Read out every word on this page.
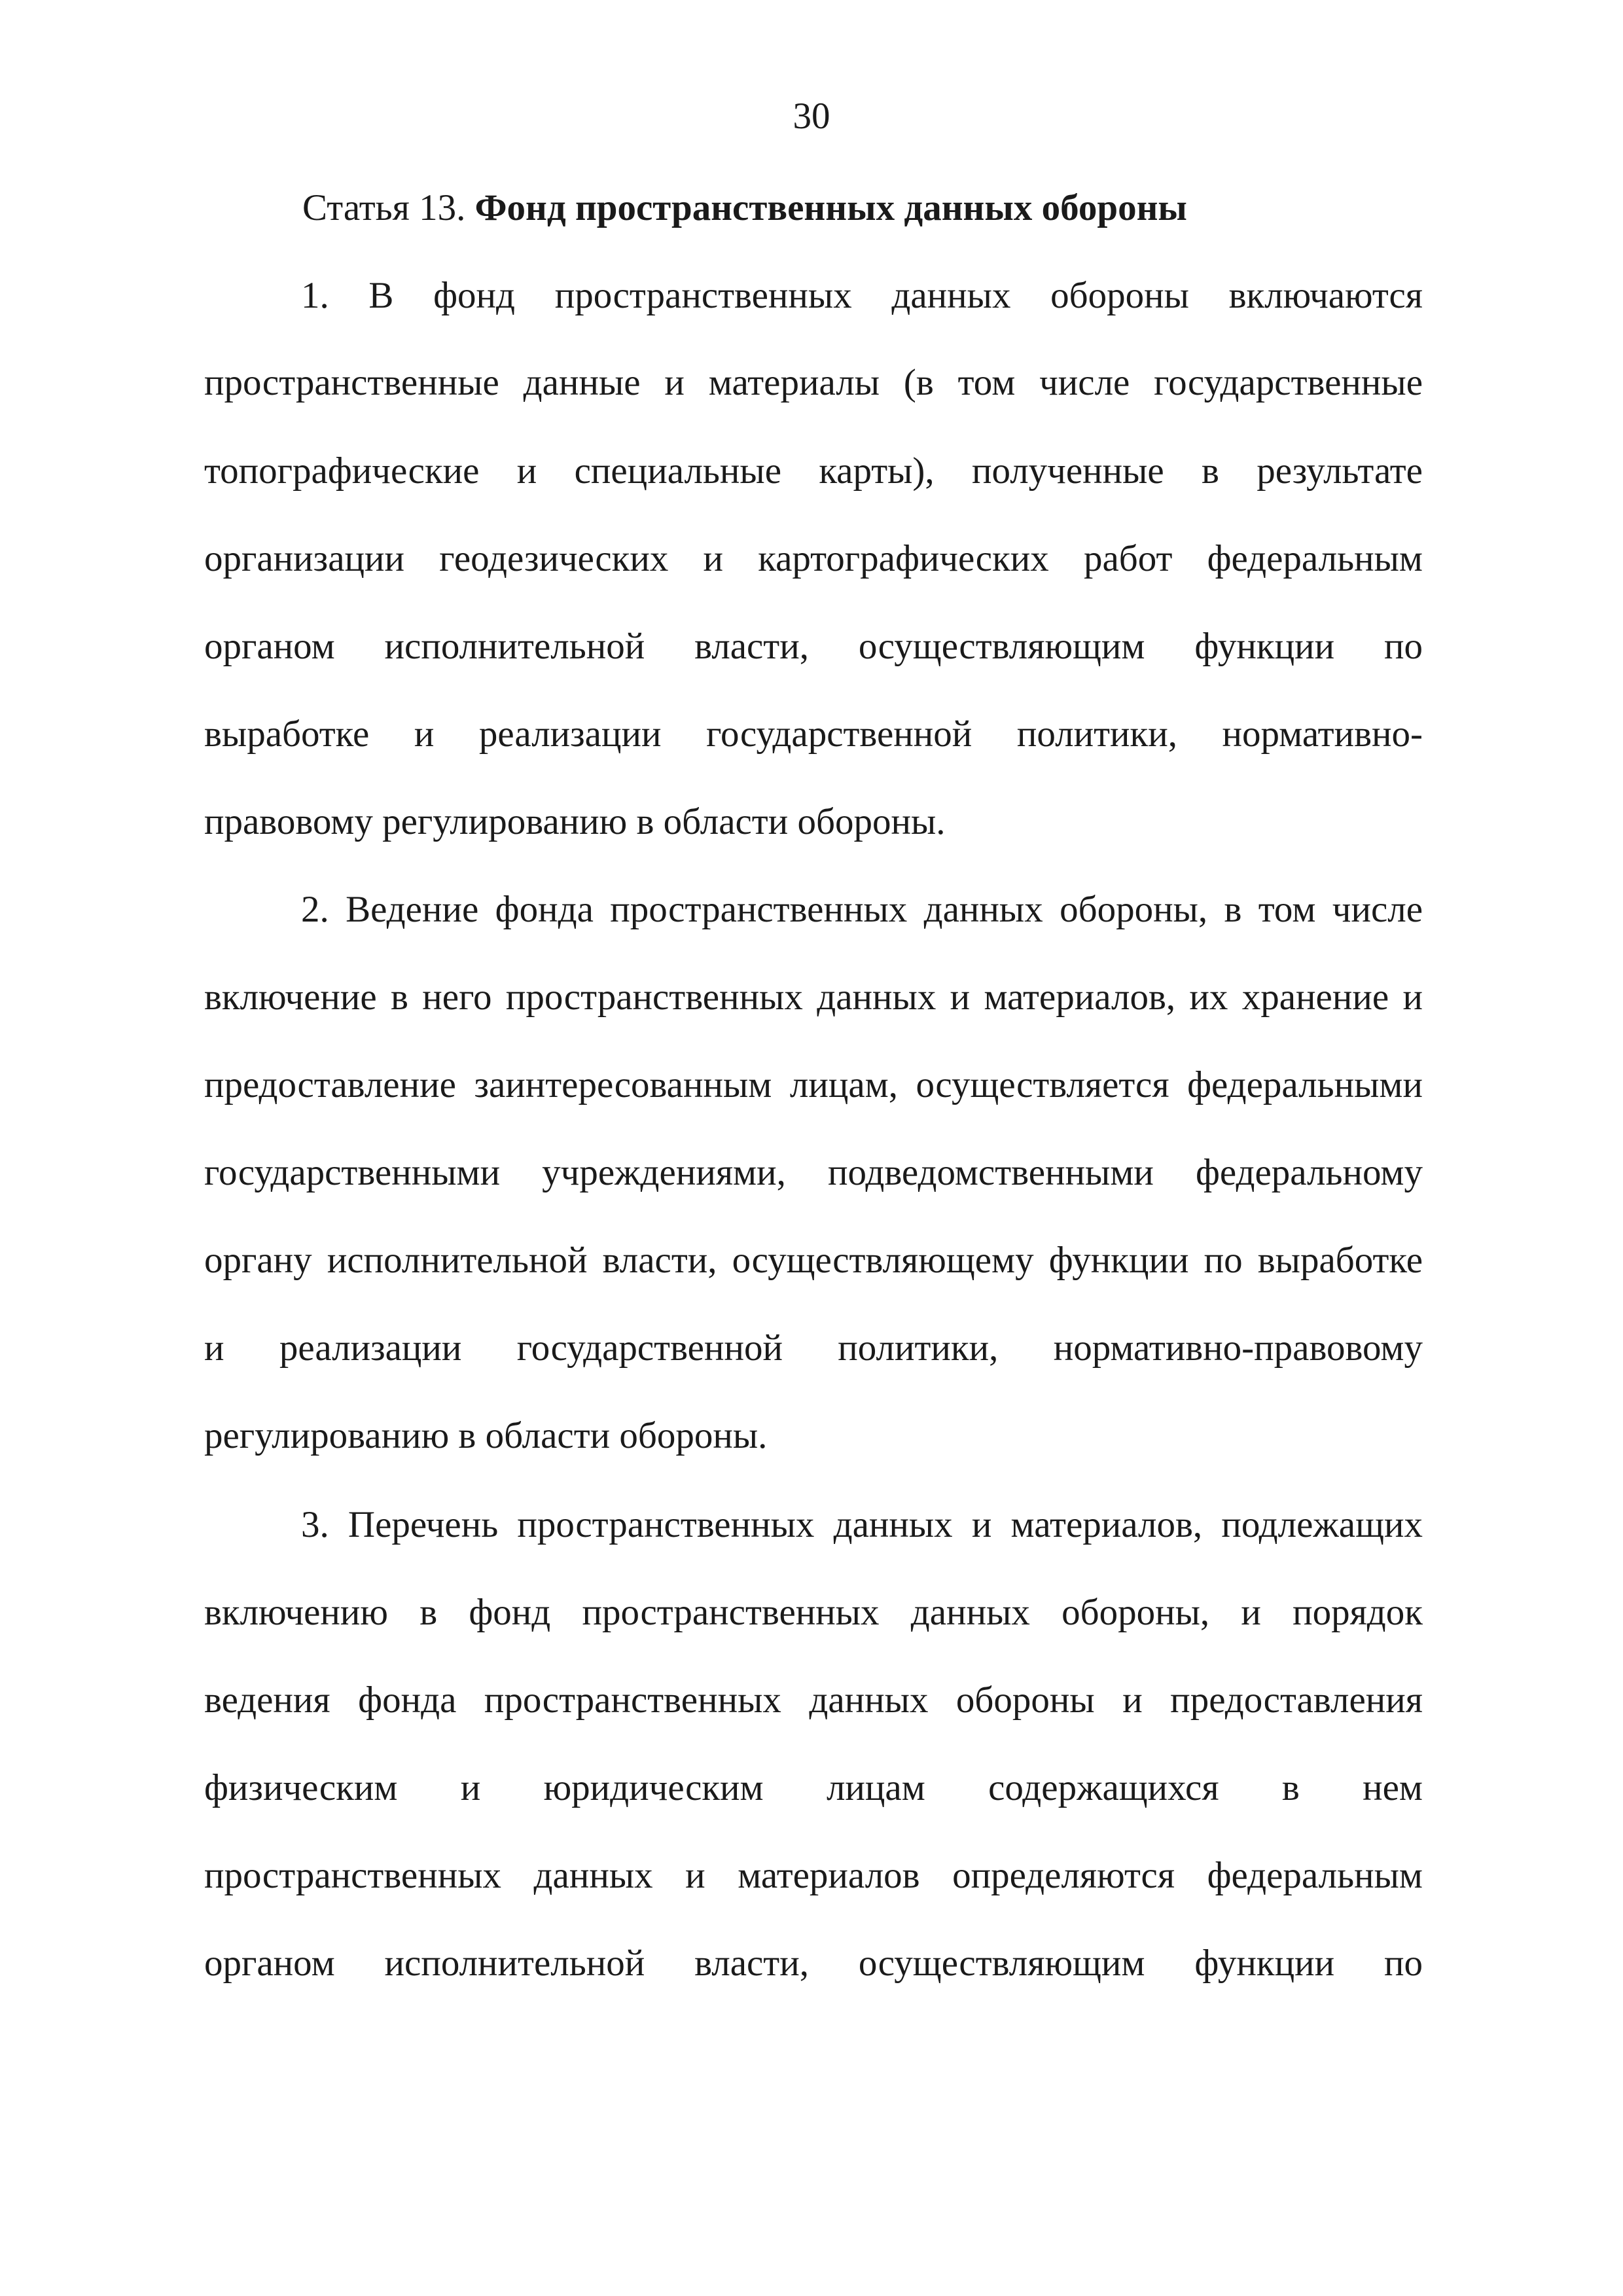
30
Статья 13. Фонд пространственных данных обороны
1. В фонд пространственных данных обороны включаются
пространственные данные и материалы (в том числе государственные
топографические и специальные карты), полученные в результате
организации геодезических и картографических работ федеральным
органом исполнительной власти, осуществляющим функции по
выработке и реализации государственной политики, нормативно-
правовому регулированию в области обороны.
2. Ведение фонда пространственных данных обороны, в том числе
включение в него пространственных данных и материалов, их хранение и
предоставление заинтересованным лицам, осуществляется федеральными
государственными учреждениями, подведомственными федеральному
органу исполнительной власти, осуществляющему функции по выработке
и реализации государственной политики, нормативно-правовому
регулированию в области обороны.
3. Перечень пространственных данных и материалов, подлежащих
включению в фонд пространственных данных обороны, и порядок
ведения фонда пространственных данных обороны и предоставления
физическим и юридическим лицам содержащихся в нем
пространственных данных и материалов определяются федеральным
органом исполнительной власти, осуществляющим функции по
